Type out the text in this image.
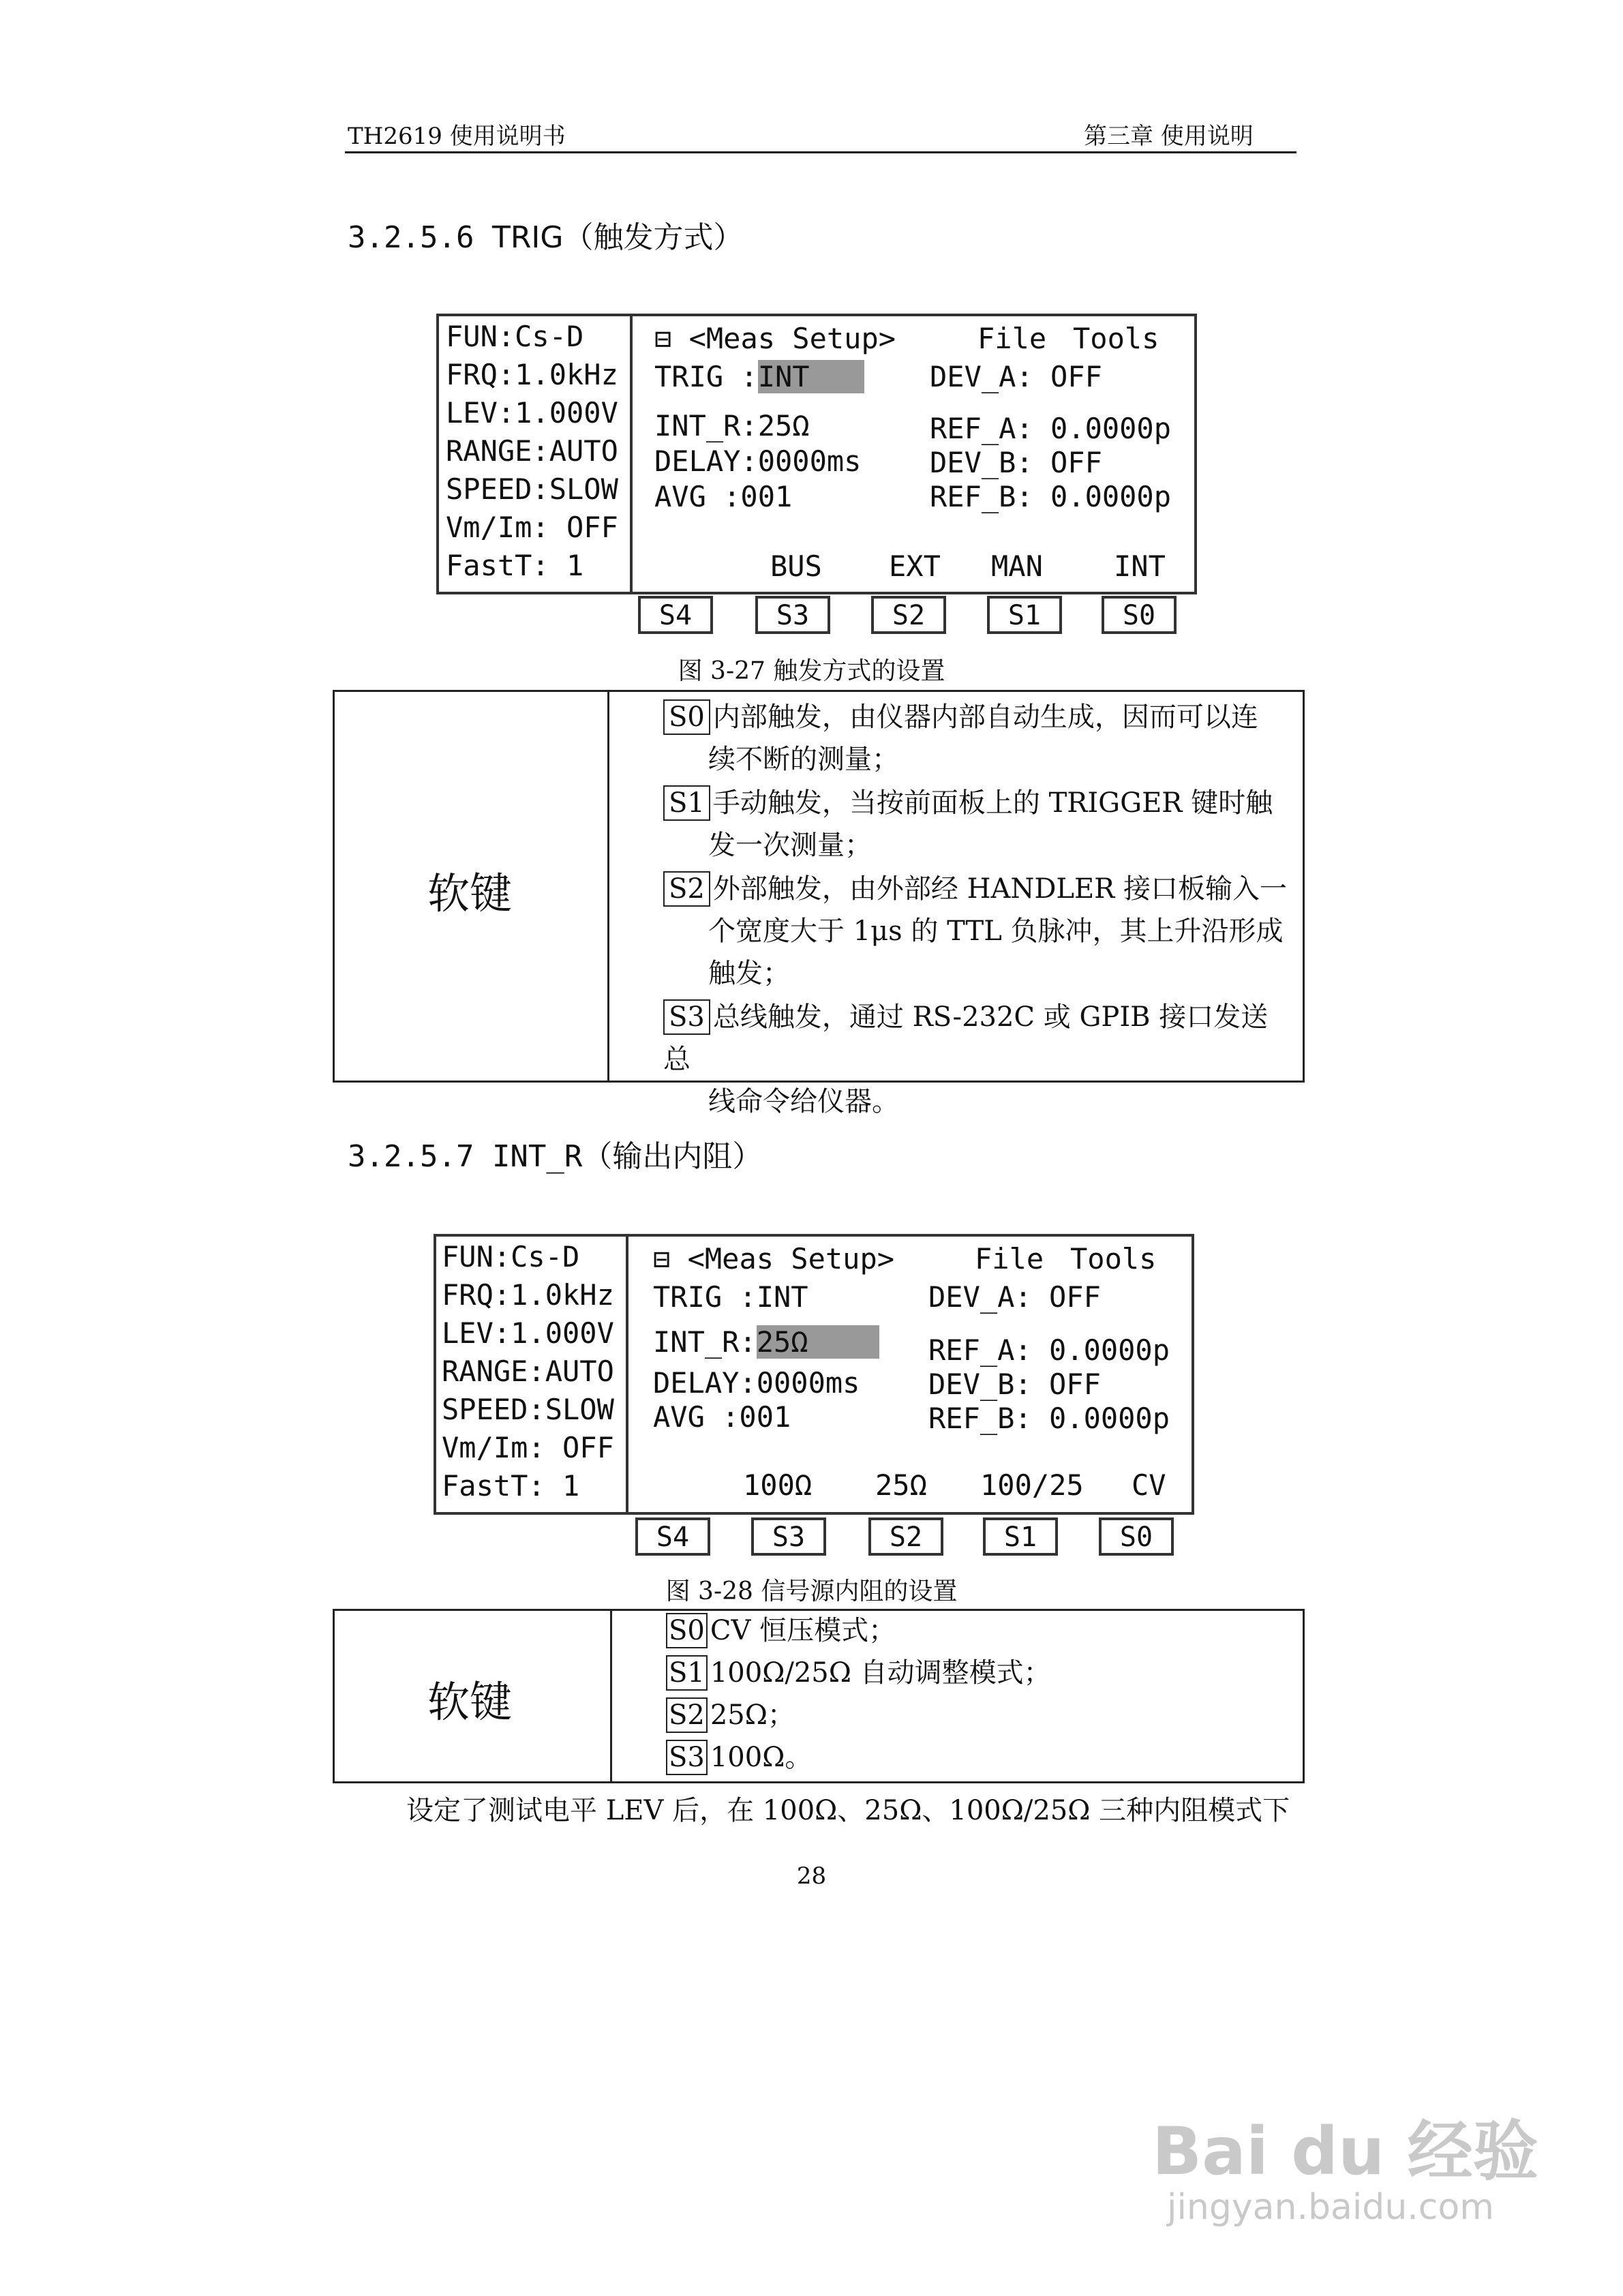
TH2619 使用说明书	第三章 使用说明
3.2.5.6 TRIG（触发方式）
FUN:Cs-D
FRQ:1.0kHz
LEV:1.000V
RANGE:AUTO
SPEED:SLOW
Vm/Im: OFF
FastT: 1
⊟ <Meas Setup>	File Tools
TRIG :INT
INT_R:25Ω
DELAY:0000ms
AVG :001
DEV_A: OFF
REF_A: 0.0000p
DEV_B: OFF
REF_B: 0.0000p
BUS EXT MAN INT
S4	S3	S2	S1	S0
图 3-27 触发方式的设置
软键
S0 内部触发，由仪器内部自动生成，因而可以连
续不断的测量；
S1 手动触发，当按前面板上的 TRIGGER 键时触
发一次测量；
S2 外部触发，由外部经 HANDLER 接口板输入一
个宽度大于 1μs 的 TTL 负脉冲，其上升沿形成
触发；
S3 总线触发，通过 RS-232C 或 GPIB 接口发送总
线命令给仪器。
3.2.5.7 INT_R（输出内阻）
FUN:Cs-D
FRQ:1.0kHz
LEV:1.000V
RANGE:AUTO
SPEED:SLOW
Vm/Im: OFF
FastT: 1
⊟ <Meas Setup>	File Tools
TRIG :INT
INT_R:25Ω
DELAY:0000ms
AVG :001
DEV_A: OFF
REF_A: 0.0000p
DEV_B: OFF
REF_B: 0.0000p
100Ω 25Ω 100/25 CV
S4	S3	S2	S1	S0
图 3-28 信号源内阻的设置
软键
S0 CV 恒压模式；
S1 100Ω/25Ω 自动调整模式；
S2 25Ω；
S3 100Ω。
设定了测试电平 LEV 后，在 100Ω、25Ω、100Ω/25Ω 三种内阻模式下
28
Bai du 经验
jingyan.baidu.com
